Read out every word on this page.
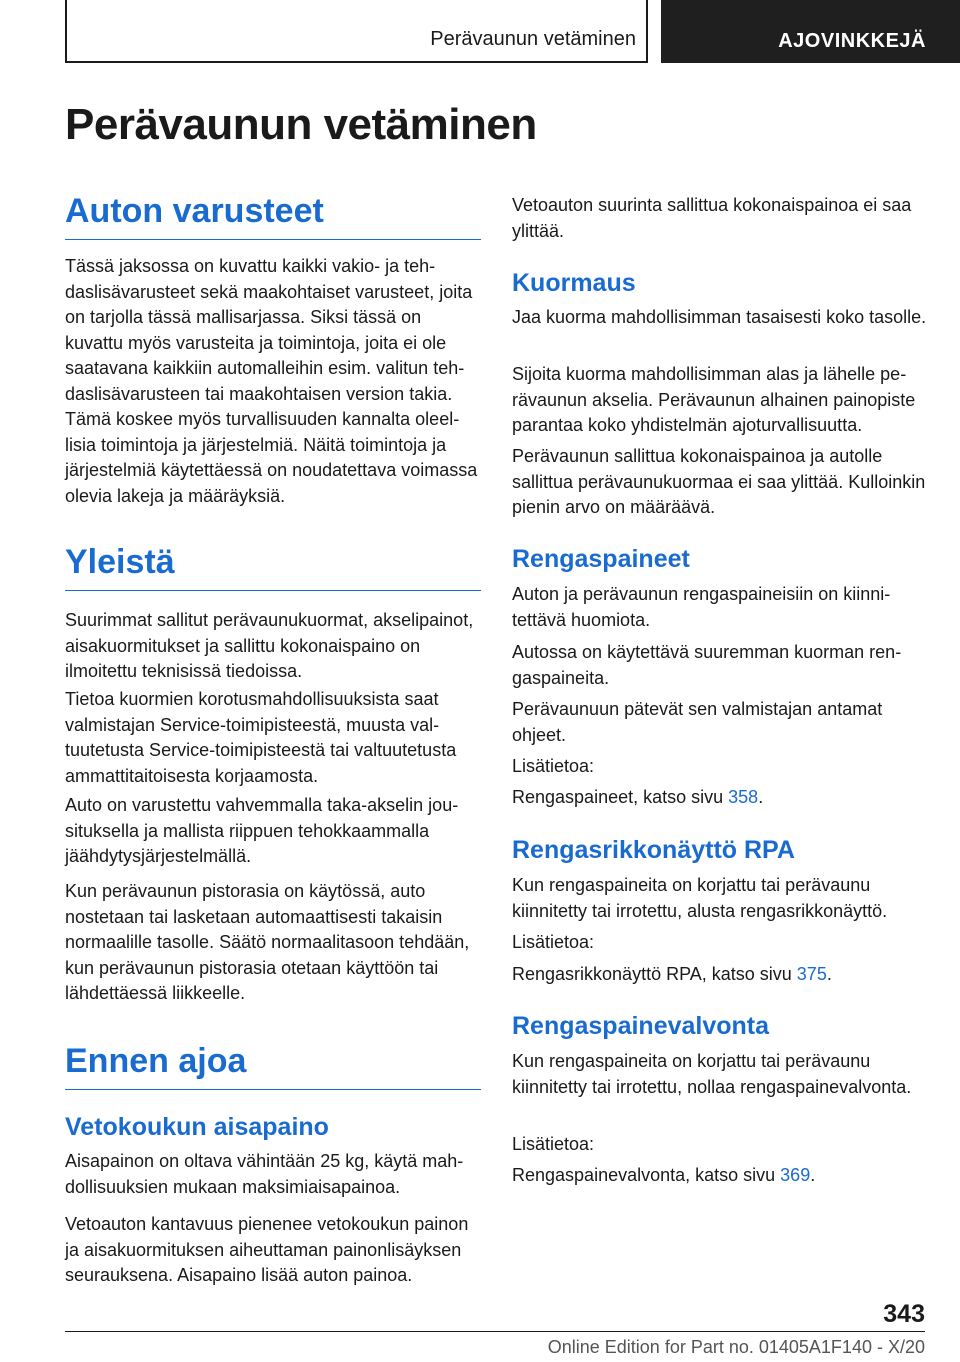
Perävaunun vetäminen	AJOVINKKEJÄ
Perävaunun vetäminen
Auton varusteet

Tässä jaksossa on kuvattu kaikki vakio- ja tehdaslisävarusteet sekä maakohtaiset varusteet, joita on tarjolla tässä mallisarjassa. Siksi tässä on kuvattu myös varusteita ja toimintoja, joita ei ole saatavana kaikkiin automalleihin esim. valitun tehdaslisävarusteen tai maakohtaisen version takia. Tämä koskee myös turvallisuuden kannalta oleellisia toimintoja ja järjestelmiä. Näitä toimintoja ja järjestelmiä käytettäessä on noudatettava voimassa olevia lakeja ja määräyksiä.

Yleistä

Suurimmat sallitut perävaunukuormat, akselipainot, aisakuormitukset ja sallittu kokonaispaino on ilmoitettu teknisissä tiedoissa.

Tietoa kuormien korotusmahdollisuuksista saat valmistajan Service-toimipisteestä, muusta valtuutetusta Service-toimipisteestä tai valtuutetusta ammattitaitoisesta korjaamosta.

Auto on varustettu vahvemmalla taka-akselin jousituksella ja mallista riippuen tehokkaammalla jäähdytysjärjestelmällä.

Kun perävaunun pistorasia on käytössä, auto nostetaan tai lasketaan automaattisesti takaisin normaalille tasolle. Säätö normaalitasoon tehdään, kun perävaunun pistorasia otetaan käyttöön tai lähdettäessä liikkeelle.

Ennen ajoa
Vetokoukun aisapaino

Aisapainon on oltava vähintään 25 kg, käytä mahdollisuuksien mukaan maksimiaisapainoa.

Vetoauton kantavuus pienenee vetokoukun painon ja aisakuormituksen aiheuttaman painonlisäyksen seurauksena. Aisapaino lisää auton painoa.

Vetoauton suurinta sallittua kokonaispainoa ei saa ylittää.

Kuormaus

Jaa kuorma mahdollisimman tasaisesti koko tasolle.

Sijoita kuorma mahdollisimman alas ja lähelle perävaunun akselia. Perävaunun alhainen painopiste parantaa koko yhdistelmän ajoturvallisuutta.

Perävaunun sallittua kokonaispainoa ja autolle sallittua perävaunukuormaa ei saa ylittää. Kulloinkin pienin arvo on määräävä.

Rengaspaineet

Auton ja perävaunun rengaspaineisiin on kiinnitettävä huomiota.

Autossa on käytettävä suuremman kuorman rengaspaineita.

Perävaunuun pätevät sen valmistajan antamat ohjeet.

Lisätietoa:

Rengaspaineet, katso sivu 358.

Rengasrikkonäyttö RPA

Kun rengaspaineita on korjattu tai perävaunu kiinnitetty tai irrotettu, alusta rengasrikkonäyttö.

Lisätietoa:

Rengasrikkonäyttö RPA, katso sivu 375.

Rengaspainevalvonta

Kun rengaspaineita on korjattu tai perävaunu kiinnitetty tai irrotettu, nollaa rengaspainevalvonta.

Lisätietoa:

Rengaspainevalvonta, katso sivu 369.

343
Online Edition for Part no. 01405A1F140 - X/20
